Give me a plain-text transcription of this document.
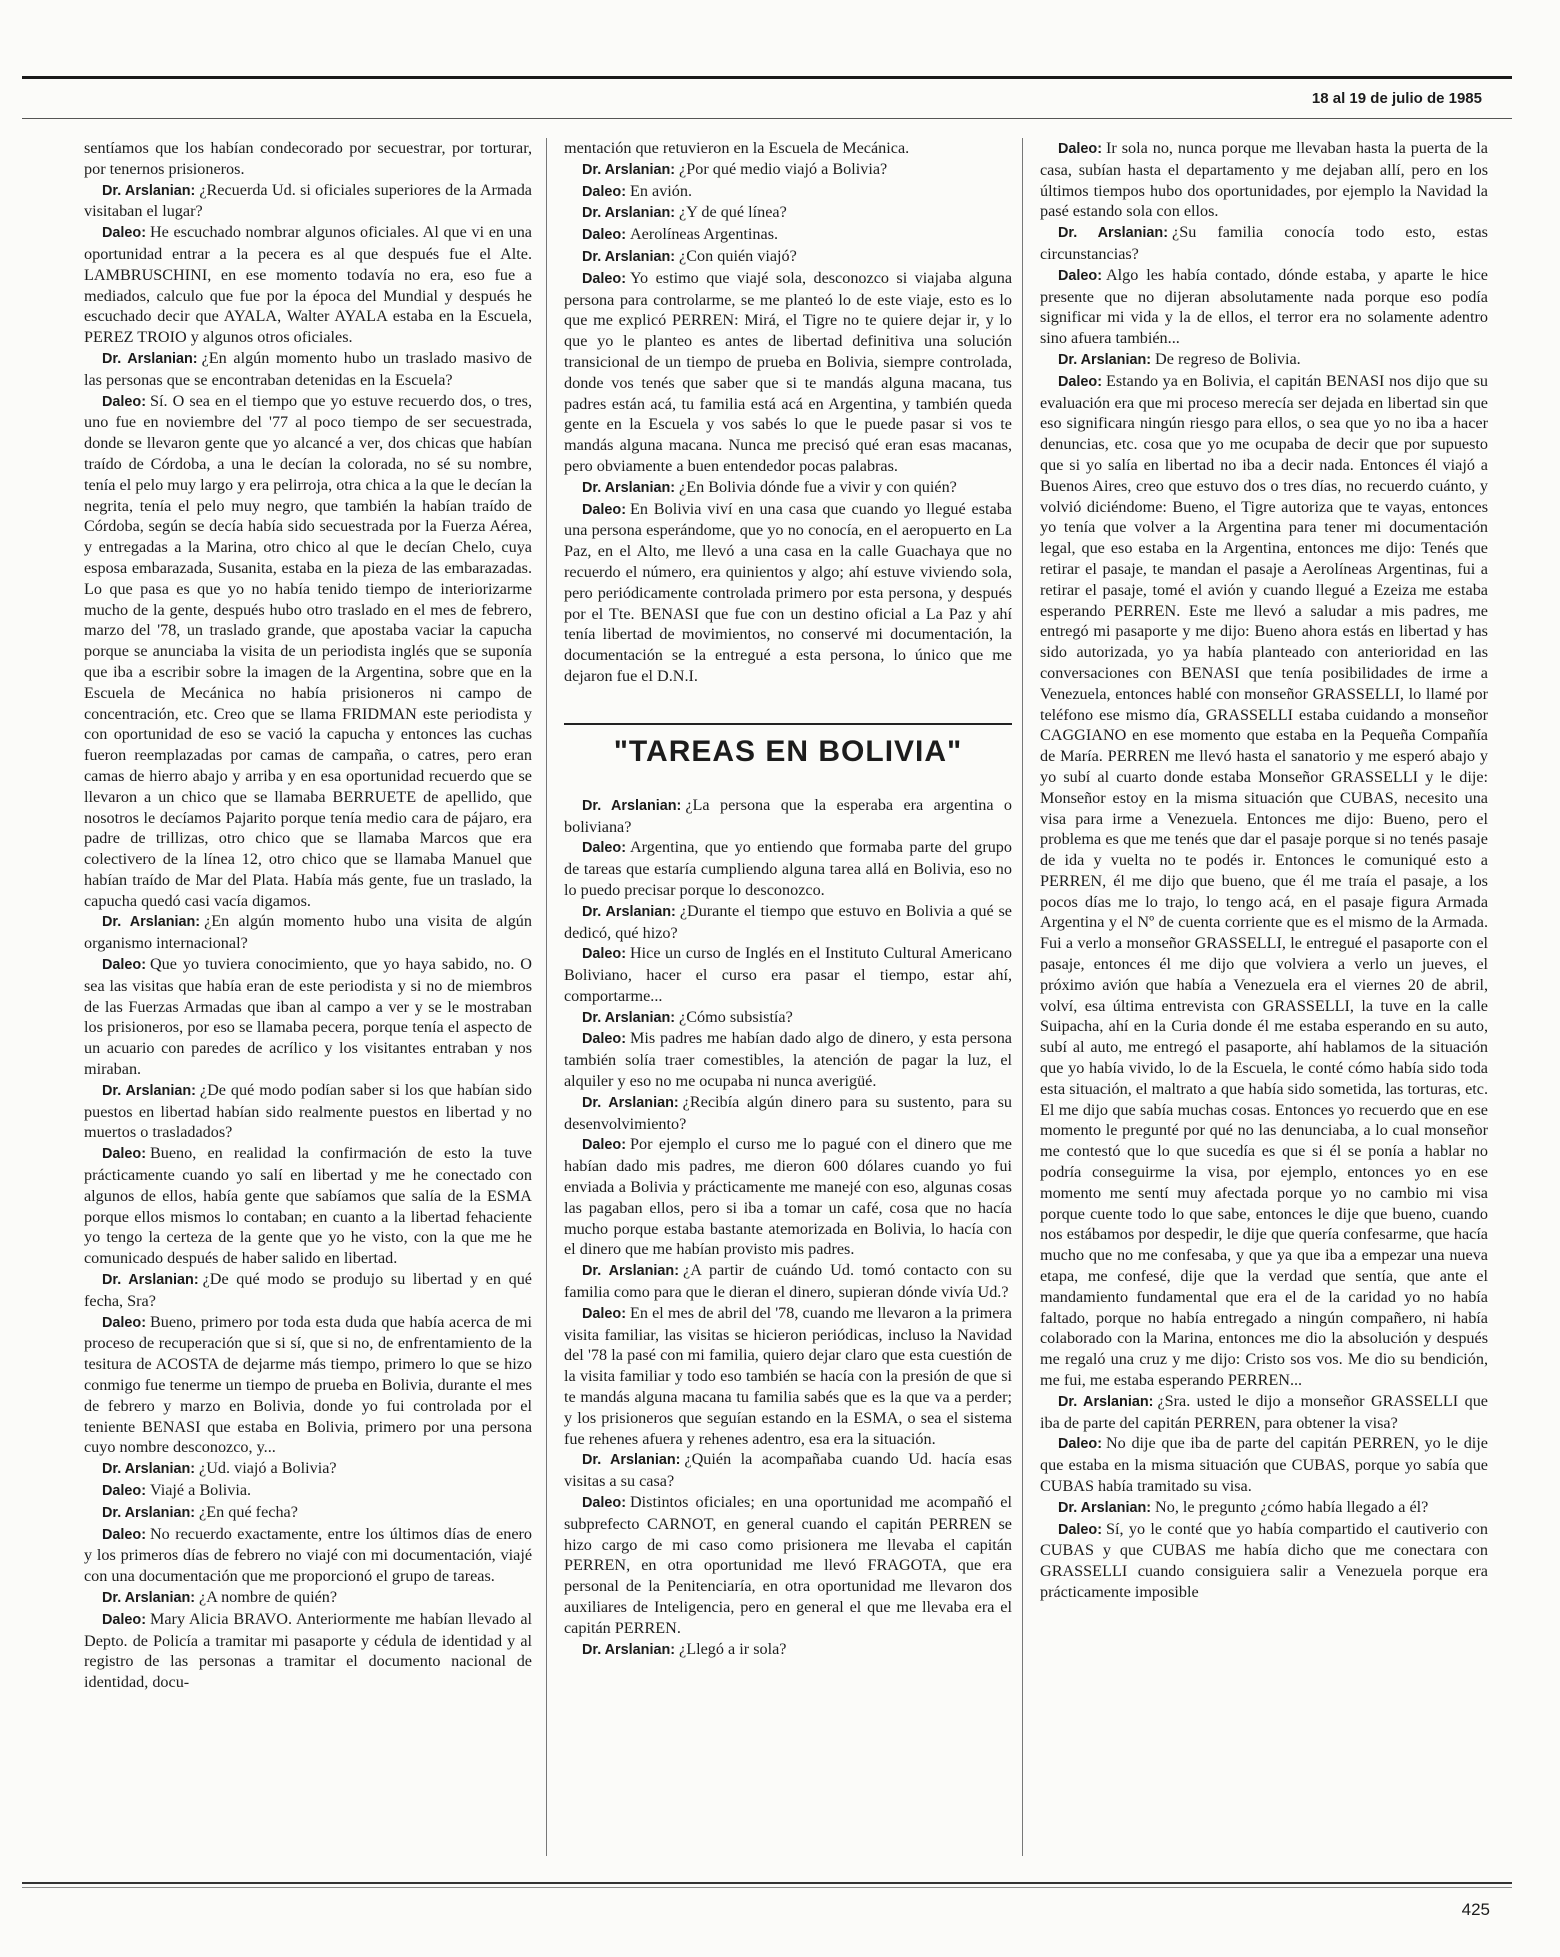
18 al 19 de julio de 1985

sentíamos que los habían condecorado por secuestrar, por torturar, por tenernos prisioneros.

Dr. Arslanian: ¿Recuerda Ud. si oficiales superiores de la Armada visitaban el lugar?

Daleo: He escuchado nombrar algunos oficiales. Al que vi en una oportunidad entrar a la pecera es al que después fue el Alte. LAMBRUSCHINI, en ese momento todavía no era, eso fue a mediados, calculo que fue por la época del Mundial y después he escuchado decir que AYALA, Walter AYALA estaba en la Escuela, PEREZ TROIO y algunos otros oficiales.

Dr. Arslanian: ¿En algún momento hubo un traslado masivo de las personas que se encontraban detenidas en la Escuela?

Daleo: Sí. O sea en el tiempo que yo estuve recuerdo dos, o tres, uno fue en noviembre del '77 al poco tiempo de ser secuestrada, donde se llevaron gente que yo alcancé a ver, dos chicas que habían traído de Córdoba, a una le decían la colorada, no sé su nombre, tenía el pelo muy largo y era pelirroja, otra chica a la que le decían la negrita, tenía el pelo muy negro, que también la habían traído de Córdoba, según se decía había sido secuestrada por la Fuerza Aérea, y entregadas a la Marina, otro chico al que le decían Chelo, cuya esposa embarazada, Susanita, estaba en la pieza de las embarazadas. Lo que pasa es que yo no había tenido tiempo de interiorizarme mucho de la gente, después hubo otro traslado en el mes de febrero, marzo del '78, un traslado grande, que apostaba vaciar la capucha porque se anunciaba la visita de un periodista inglés que se suponía que iba a escribir sobre la imagen de la Argentina, sobre que en la Escuela de Mecánica no había prisioneros ni campo de concentración, etc. Creo que se llama FRIDMAN este periodista y con oportunidad de eso se vació la capucha y entonces las cuchas fueron reemplazadas por camas de campaña, o catres, pero eran camas de hierro abajo y arriba y en esa oportunidad recuerdo que se llevaron a un chico que se llamaba BERRUETE de apellido, que nosotros le decíamos Pajarito porque tenía medio cara de pájaro, era padre de trillizas, otro chico que se llamaba Marcos que era colectivero de la línea 12, otro chico que se llamaba Manuel que habían traído de Mar del Plata. Había más gente, fue un traslado, la capucha quedó casi vacía digamos.

Dr. Arslanian: ¿En algún momento hubo una visita de algún organismo internacional?

Daleo: Que yo tuviera conocimiento, que yo haya sabido, no. O sea las visitas que había eran de este periodista y si no de miembros de las Fuerzas Armadas que iban al campo a ver y se le mostraban los prisioneros, por eso se llamaba pecera, porque tenía el aspecto de un acuario con paredes de acrílico y los visitantes entraban y nos miraban.

Dr. Arslanian: ¿De qué modo podían saber si los que habían sido puestos en libertad habían sido realmente puestos en libertad y no muertos o trasladados?

Daleo: Bueno, en realidad la confirmación de esto la tuve prácticamente cuando yo salí en libertad y me he conectado con algunos de ellos, había gente que sabíamos que salía de la ESMA porque ellos mismos lo contaban; en cuanto a la libertad fehaciente yo tengo la certeza de la gente que yo he visto, con la que me he comunicado después de haber salido en libertad.

Dr. Arslanian: ¿De qué modo se produjo su libertad y en qué fecha, Sra?

Daleo: Bueno, primero por toda esta duda que había acerca de mi proceso de recuperación que si sí, que si no, de enfrentamiento de la tesitura de ACOSTA de dejarme más tiempo, primero lo que se hizo conmigo fue tenerme un tiempo de prueba en Bolivia, durante el mes de febrero y marzo en Bolivia, donde yo fui controlada por el teniente BENASI que estaba en Bolivia, primero por una persona cuyo nombre desconozco, y...

Dr. Arslanian: ¿Ud. viajó a Bolivia?

Daleo: Viajé a Bolivia.

Dr. Arslanian: ¿En qué fecha?

Daleo: No recuerdo exactamente, entre los últimos días de enero y los primeros días de febrero no viajé con mi documentación, viajé con una documentación que me proporcionó el grupo de tareas.

Dr. Arslanian: ¿A nombre de quién?

Daleo: Mary Alicia BRAVO. Anteriormente me habían llevado al Depto. de Policía a tramitar mi pasaporte y cédula de identidad y al registro de las personas a tramitar el documento nacional de identidad, docu-

mentación que retuvieron en la Escuela de Mecánica.

Dr. Arslanian: ¿Por qué medio viajó a Bolivia?

Daleo: En avión.

Dr. Arslanian: ¿Y de qué línea?

Daleo: Aerolíneas Argentinas.

Dr. Arslanian: ¿Con quién viajó?

Daleo: Yo estimo que viajé sola, desconozco si viajaba alguna persona para controlarme, se me planteó lo de este viaje, esto es lo que me explicó PERREN: Mirá, el Tigre no te quiere dejar ir, y lo que yo le planteo es antes de libertad definitiva una solución transicional de un tiempo de prueba en Bolivia, siempre controlada, donde vos tenés que saber que si te mandás alguna macana, tus padres están acá, tu familia está acá en Argentina, y también queda gente en la Escuela y vos sabés lo que le puede pasar si vos te mandás alguna macana. Nunca me precisó qué eran esas macanas, pero obviamente a buen entendedor pocas palabras.

Dr. Arslanian: ¿En Bolivia dónde fue a vivir y con quién?

Daleo: En Bolivia viví en una casa que cuando yo llegué estaba una persona esperándome, que yo no conocía, en el aeropuerto en La Paz, en el Alto, me llevó a una casa en la calle Guachaya que no recuerdo el número, era quinientos y algo; ahí estuve viviendo sola, pero periódicamente controlada primero por esta persona, y después por el Tte. BENASI que fue con un destino oficial a La Paz y ahí tenía libertad de movimientos, no conservé mi documentación, la documentación se la entregué a esta persona, lo único que me dejaron fue el D.N.I.

"TAREAS EN BOLIVIA"

Dr. Arslanian: ¿La persona que la esperaba era argentina o boliviana?

Daleo: Argentina, que yo entiendo que formaba parte del grupo de tareas que estaría cumpliendo alguna tarea allá en Bolivia, eso no lo puedo precisar porque lo desconozco.

Dr. Arslanian: ¿Durante el tiempo que estuvo en Bolivia a qué se dedicó, qué hizo?

Daleo: Hice un curso de Inglés en el Instituto Cultural Americano Boliviano, hacer el curso era pasar el tiempo, estar ahí, comportarme...

Dr. Arslanian: ¿Cómo subsistía?

Daleo: Mis padres me habían dado algo de dinero, y esta persona también solía traer comestibles, la atención de pagar la luz, el alquiler y eso no me ocupaba ni nunca averigüé.

Dr. Arslanian: ¿Recibía algún dinero para su sustento, para su desenvolvimiento?

Daleo: Por ejemplo el curso me lo pagué con el dinero que me habían dado mis padres, me dieron 600 dólares cuando yo fui enviada a Bolivia y prácticamente me manejé con eso, algunas cosas las pagaban ellos, pero si iba a tomar un café, cosa que no hacía mucho porque estaba bastante atemorizada en Bolivia, lo hacía con el dinero que me habían provisto mis padres.

Dr. Arslanian: ¿A partir de cuándo Ud. tomó contacto con su familia como para que le dieran el dinero, supieran dónde vivía Ud.?

Daleo: En el mes de abril del '78, cuando me llevaron a la primera visita familiar, las visitas se hicieron periódicas, incluso la Navidad del '78 la pasé con mi familia, quiero dejar claro que esta cuestión de la visita familiar y todo eso también se hacía con la presión de que si te mandás alguna macana tu familia sabés que es la que va a perder; y los prisioneros que seguían estando en la ESMA, o sea el sistema fue rehenes afuera y rehenes adentro, esa era la situación.

Dr. Arslanian: ¿Quién la acompañaba cuando Ud. hacía esas visitas a su casa?

Daleo: Distintos oficiales; en una oportunidad me acompañó el subprefecto CARNOT, en general cuando el capitán PERREN se hizo cargo de mi caso como prisionera me llevaba el capitán PERREN, en otra oportunidad me llevó FRAGOTA, que era personal de la Penitenciaría, en otra oportunidad me llevaron dos auxiliares de Inteligencia, pero en general el que me llevaba era el capitán PERREN.

Dr. Arslanian: ¿Llegó a ir sola?

Daleo: Ir sola no, nunca porque me llevaban hasta la puerta de la casa, subían hasta el departamento y me dejaban allí, pero en los últimos tiempos hubo dos oportunidades, por ejemplo la Navidad la pasé estando sola con ellos.

Dr. Arslanian: ¿Su familia conocía todo esto, estas circunstancias?

Daleo: Algo les había contado, dónde estaba, y aparte le hice presente que no dijeran absolutamente nada porque eso podía significar mi vida y la de ellos, el terror era no solamente adentro sino afuera también...

Dr. Arslanian: De regreso de Bolivia.

Daleo: Estando ya en Bolivia, el capitán BENASI nos dijo que su evaluación era que mi proceso merecía ser dejada en libertad sin que eso significara ningún riesgo para ellos, o sea que yo no iba a hacer denuncias, etc. cosa que yo me ocupaba de decir que por supuesto que si yo salía en libertad no iba a decir nada. Entonces él viajó a Buenos Aires, creo que estuvo dos o tres días, no recuerdo cuánto, y volvió diciéndome: Bueno, el Tigre autoriza que te vayas, entonces yo tenía que volver a la Argentina para tener mi documentación legal, que eso estaba en la Argentina, entonces me dijo: Tenés que retirar el pasaje, te mandan el pasaje a Aerolíneas Argentinas, fui a retirar el pasaje, tomé el avión y cuando llegué a Ezeiza me estaba esperando PERREN. Este me llevó a saludar a mis padres, me entregó mi pasaporte y me dijo: Bueno ahora estás en libertad y has sido autorizada, yo ya había planteado con anterioridad en las conversaciones con BENASI que tenía posibilidades de irme a Venezuela, entonces hablé con monseñor GRASSELLI, lo llamé por teléfono ese mismo día, GRASSELLI estaba cuidando a monseñor CAGGIANO en ese momento que estaba en la Pequeña Compañía de María. PERREN me llevó hasta el sanatorio y me esperó abajo y yo subí al cuarto donde estaba Monseñor GRASSELLI y le dije: Monseñor estoy en la misma situación que CUBAS, necesito una visa para irme a Venezuela. Entonces me dijo: Bueno, pero el problema es que me tenés que dar el pasaje porque si no tenés pasaje de ida y vuelta no te podés ir. Entonces le comuniqué esto a PERREN, él me dijo que bueno, que él me traía el pasaje, a los pocos días me lo trajo, lo tengo acá, en el pasaje figura Armada Argentina y el Nº de cuenta corriente que es el mismo de la Armada. Fui a verlo a monseñor GRASSELLI, le entregué el pasaporte con el pasaje, entonces él me dijo que volviera a verlo un jueves, el próximo avión que había a Venezuela era el viernes 20 de abril, volví, esa última entrevista con GRASSELLI, la tuve en la calle Suipacha, ahí en la Curia donde él me estaba esperando en su auto, subí al auto, me entregó el pasaporte, ahí hablamos de la situación que yo había vivido, lo de la Escuela, le conté cómo había sido toda esta situación, el maltrato a que había sido sometida, las torturas, etc. El me dijo que sabía muchas cosas. Entonces yo recuerdo que en ese momento le pregunté por qué no las denunciaba, a lo cual monseñor me contestó que lo que sucedía es que si él se ponía a hablar no podría conseguirme la visa, por ejemplo, entonces yo en ese momento me sentí muy afectada porque yo no cambio mi visa porque cuente todo lo que sabe, entonces le dije que bueno, cuando nos estábamos por despedir, le dije que quería confesarme, que hacía mucho que no me confesaba, y que ya que iba a empezar una nueva etapa, me confesé, dije que la verdad que sentía, que ante el mandamiento fundamental que era el de la caridad yo no había faltado, porque no había entregado a ningún compañero, ni había colaborado con la Marina, entonces me dio la absolución y después me regaló una cruz y me dijo: Cristo sos vos. Me dio su bendición, me fui, me estaba esperando PERREN...

Dr. Arslanian: ¿Sra. usted le dijo a monseñor GRASSELLI que iba de parte del capitán PERREN, para obtener la visa?

Daleo: No dije que iba de parte del capitán PERREN, yo le dije que estaba en la misma situación que CUBAS, porque yo sabía que CUBAS había tramitado su visa.

Dr. Arslanian: No, le pregunto ¿cómo había llegado a él?

Daleo: Sí, yo le conté que yo había compartido el cautiverio con CUBAS y que CUBAS me había dicho que me conectara con GRASSELLI cuando consiguiera salir a Venezuela porque era prácticamente imposible

425
